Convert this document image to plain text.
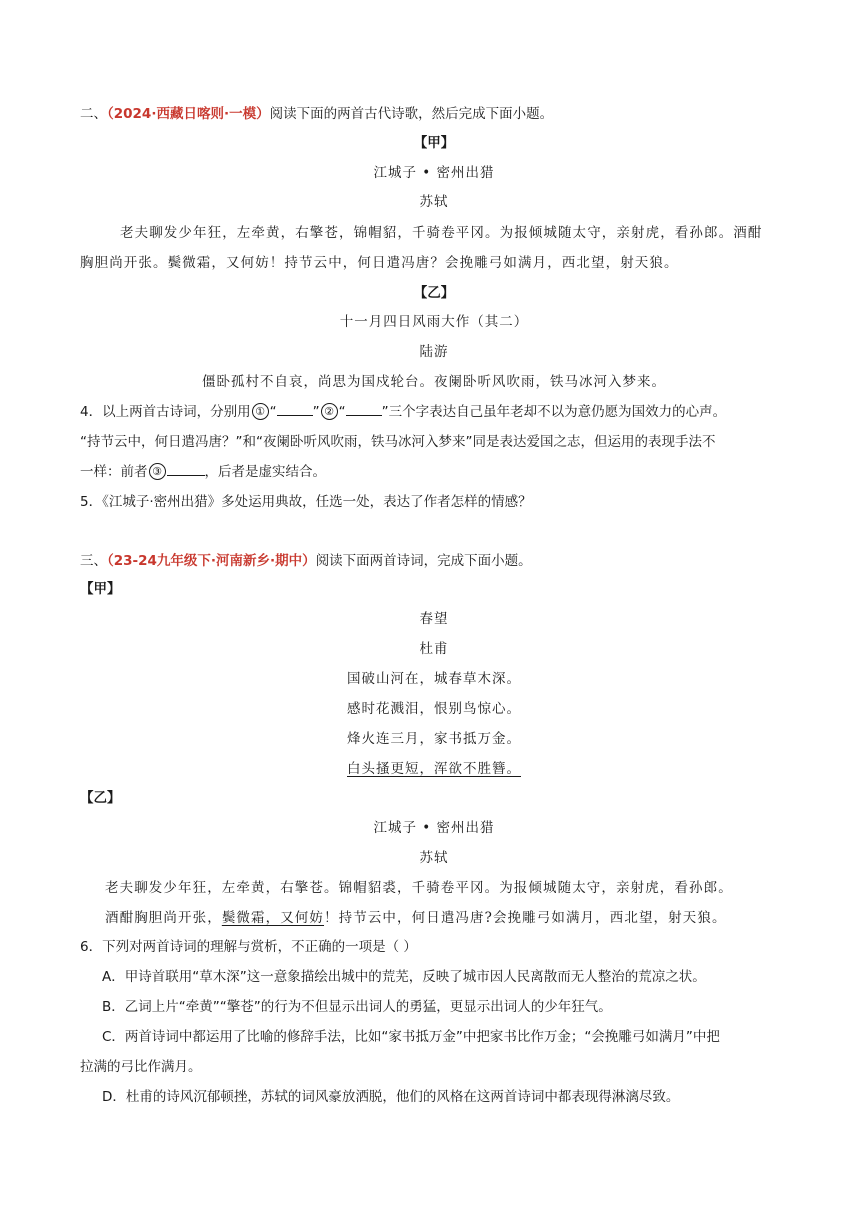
二、（2024·西藏日喀则·一模）阅读下面的两首古代诗歌，然后完成下面小题。
【甲】
江城子 • 密州出猎
苏轼
老夫聊发少年狂，左牵黄，右擎苍，锦帽貂，千骑卷平冈。为报倾城随太守，亲射虎，看孙郎。酒酣
胸胆尚开张。鬓微霜，又何妨！持节云中，何日遣冯唐？会挽雕弓如满月，西北望，射天狼。
【乙】
十一月四日风雨大作（其二）
陆游
僵卧孤村不自哀，尚思为国戍轮台。夜阑卧听风吹雨，铁马冰河入梦来。
4．以上两首古诗词，分别用 ① “	” ② “	”三个字表达自己虽年老却不以为意仍愿为国效力的心声。
“持节云中，何日遣冯唐？”和“夜阑卧听风吹雨，铁马冰河入梦来”同是表达爱国之志，但运用的表现手法不
一样：前者 ③	，后者是虚实结合。
5．《江城子·密州出猎》多处运用典故，任选一处，表达了作者怎样的情感？
三、（23-24九年级下·河南新乡·期中）阅读下面两首诗词，完成下面小题。
【甲】
春望
杜甫
国破山河在，城春草木深。
感时花溅泪，恨别鸟惊心。
烽火连三月，家书抵万金。
白头搔更短，浑欲不胜簪。
【乙】
江城子 • 密州出猎
苏轼
老夫聊发少年狂，左牵黄，右擎苍。锦帽貂裘，千骑卷平冈。为报倾城随太守，亲射虎，看孙郎。
酒酣胸胆尚开张，鬓微霜，又何妨！持节云中，何日遣冯唐?会挽雕弓如满月，西北望，射天狼。
6．下列对两首诗词的理解与赏析，不正确的一项是（ ）
A．甲诗首联用“草木深”这一意象描绘出城中的荒芜，反映了城市因人民离散而无人整治的荒凉之状。
B．乙词上片“牵黄”“擎苍”的行为不但显示出词人的勇猛，更显示出词人的少年狂气。
C．两首诗词中都运用了比喻的修辞手法，比如“家书抵万金”中把家书比作万金；“会挽雕弓如满月”中把
拉满的弓比作满月。
D．杜甫的诗风沉郁顿挫，苏轼的词风豪放洒脱，他们的风格在这两首诗词中都表现得淋漓尽致。
